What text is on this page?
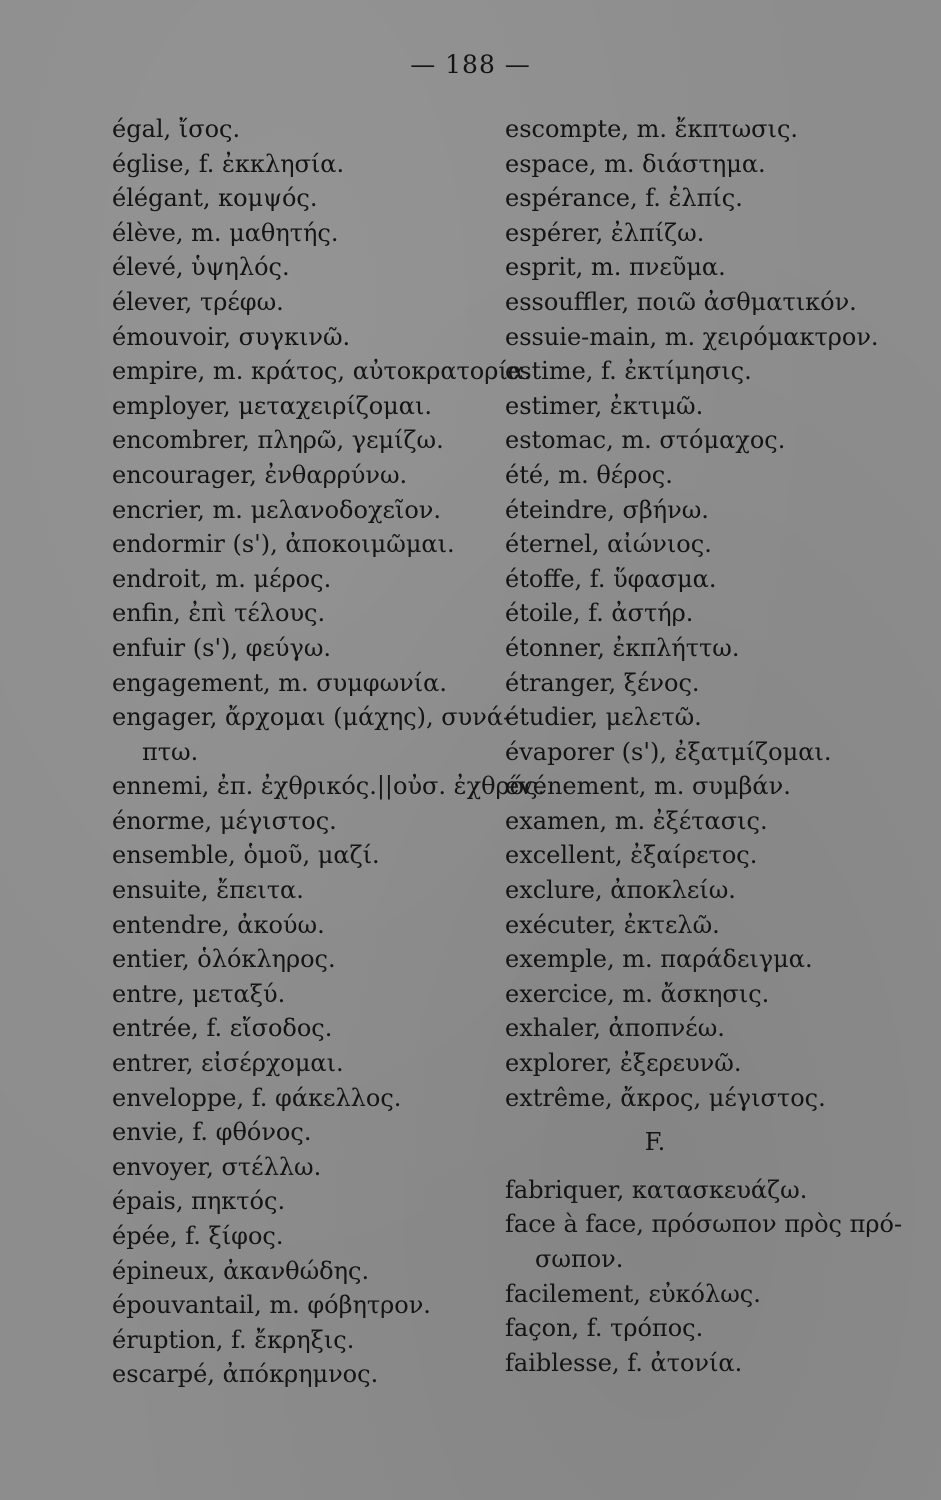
— 188 —
égal, ἴσος.
église, f. ἐκκλησία.
élégant, κομψός.
élève, m. μαθητής.
élevé, ὑψηλός.
élever, τρέφω.
émouvoir, συγκινῶ.
empire, m. κράτος, αὐτοκρατορία.
employer, μεταχειρίζομαι.
encombrer, πληρῶ, γεμίζω.
encourager, ἐνθαρρύνω.
encrier, m. μελανοδοχεῖον.
endormir (s'), ἀποκοιμῶμαι.
endroit, m. μέρος.
enfin, ἐπὶ τέλους.
enfuir (s'), φεύγω.
engagement, m. συμφωνία.
engager, ἄρχομαι (μάχης), συνά-
πτω.
ennemi, ἐπ. ἐχθρικός.||οὐσ. ἐχθρός.
énorme, μέγιστος.
ensemble, ὁμοῦ, μαζί.
ensuite, ἔπειτα.
entendre, ἀκούω.
entier, ὁλόκληρος.
entre, μεταξύ.
entrée, f. εἴσοδος.
entrer, εἰσέρχομαι.
enveloppe, f. φάκελλος.
envie, f. φθόνος.
envoyer, στέλλω.
épais, πηκτός.
épée, f. ξίφος.
épineux, ἀκανθώδης.
épouvantail, m. φόβητρον.
éruption, f. ἔκρηξις.
escarpé, ἀπόκρημνος.
escompte, m. ἔκπτωσις.
espace, m. διάστημα.
espérance, f. ἐλπίς.
espérer, ἐλπίζω.
esprit, m. πνεῦμα.
essouffler, ποιῶ ἀσθματικόν.
essuie-main, m. χειρόμακτρον.
estime, f. ἐκτίμησις.
estimer, ἐκτιμῶ.
estomac, m. στόμαχος.
été, m. θέρος.
éteindre, σβήνω.
éternel, αἰώνιος.
étoffe, f. ὕφασμα.
étoile, f. ἀστήρ.
étonner, ἐκπλήττω.
étranger, ξένος.
étudier, μελετῶ.
évaporer (s'), ἐξατμίζομαι.
événement, m. συμβάν.
examen, m. ἐξέτασις.
excellent, ἐξαίρετος.
exclure, ἀποκλείω.
exécuter, ἐκτελῶ.
exemple, m. παράδειγμα.
exercice, m. ἄσκησις.
exhaler, ἀποπνέω.
explorer, ἐξερευνῶ.
extrême, ἄκρος, μέγιστος.
F.
fabriquer, κατασκευάζω.
face à face, πρόσωπον πρὸς πρό-
σωπον.
facilement, εὐκόλως.
façon, f. τρόπος.
faiblesse, f. ἀτονία.
